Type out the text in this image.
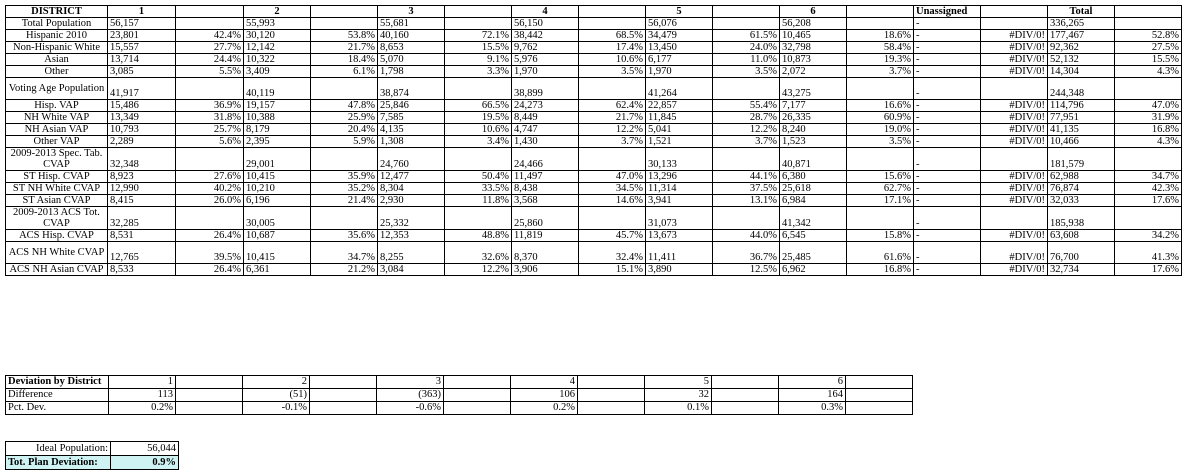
DISTRICT	1		2		3		4		5		6		Unassigned		Total	
Total Population	56,157		55,993		55,681		56,150		56,076		56,208		-		336,265	
Hispanic 2010	23,801	42.4%	30,120	53.8%	40,160	72.1%	38,442	68.5%	34,479	61.5%	10,465	18.6%	-	#DIV/0!	177,467	52.8%
Non-Hispanic White	15,557	27.7%	12,142	21.7%	8,653	15.5%	9,762	17.4%	13,450	24.0%	32,798	58.4%	-	#DIV/0!	92,362	27.5%
Asian	13,714	24.4%	10,322	18.4%	5,070	9.1%	5,976	10.6%	6,177	11.0%	10,873	19.3%	-	#DIV/0!	52,132	15.5%
Other	3,085	5.5%	3,409	6.1%	1,798	3.3%	1,970	3.5%	1,970	3.5%	2,072	3.7%	-	#DIV/0!	14,304	4.3%
Voting Age Population	41,917		40,119		38,874		38,899		41,264		43,275		-		244,348	
Hisp. VAP	15,486	36.9%	19,157	47.8%	25,846	66.5%	24,273	62.4%	22,857	55.4%	7,177	16.6%	-	#DIV/0!	114,796	47.0%
NH White VAP	13,349	31.8%	10,388	25.9%	7,585	19.5%	8,449	21.7%	11,845	28.7%	26,335	60.9%	-	#DIV/0!	77,951	31.9%
NH Asian VAP	10,793	25.7%	8,179	20.4%	4,135	10.6%	4,747	12.2%	5,041	12.2%	8,240	19.0%	-	#DIV/0!	41,135	16.8%
Other VAP	2,289	5.6%	2,395	5.9%	1,308	3.4%	1,430	3.7%	1,521	3.7%	1,523	3.5%	-	#DIV/0!	10,466	4.3%
2009-2013 Spec. Tab. CVAP	32,348		29,001		24,760		24,466		30,133		40,871		-		181,579	
ST Hisp. CVAP	8,923	27.6%	10,415	35.9%	12,477	50.4%	11,497	47.0%	13,296	44.1%	6,380	15.6%	-	#DIV/0!	62,988	34.7%
ST NH White CVAP	12,990	40.2%	10,210	35.2%	8,304	33.5%	8,438	34.5%	11,314	37.5%	25,618	62.7%	-	#DIV/0!	76,874	42.3%
ST Asian CVAP	8,415	26.0%	6,196	21.4%	2,930	11.8%	3,568	14.6%	3,941	13.1%	6,984	17.1%	-	#DIV/0!	32,033	17.6%
2009-2013 ACS Tot. CVAP	32,285		30,005		25,332		25,860		31,073		41,342		-		185,938	
ACS Hisp. CVAP	8,531	26.4%	10,687	35.6%	12,353	48.8%	11,819	45.7%	13,673	44.0%	6,545	15.8%	-	#DIV/0!	63,608	34.2%
ACS NH White CVAP	12,765	39.5%	10,415	34.7%	8,255	32.6%	8,370	32.4%	11,411	36.7%	25,485	61.6%	-	#DIV/0!	76,700	41.3%
ACS NH Asian CVAP	8,533	26.4%	6,361	21.2%	3,084	12.2%	3,906	15.1%	3,890	12.5%	6,962	16.8%	-	#DIV/0!	32,734	17.6%
Deviation by District	1		2		3		4		5		6	
Difference	113		(51)		(363)		106		32		164	
Pct. Dev.	0.2%		-0.1%		-0.6%		0.2%		0.1%		0.3%	
Ideal Population:	56,044
Tot. Plan Deviation:	0.9%
